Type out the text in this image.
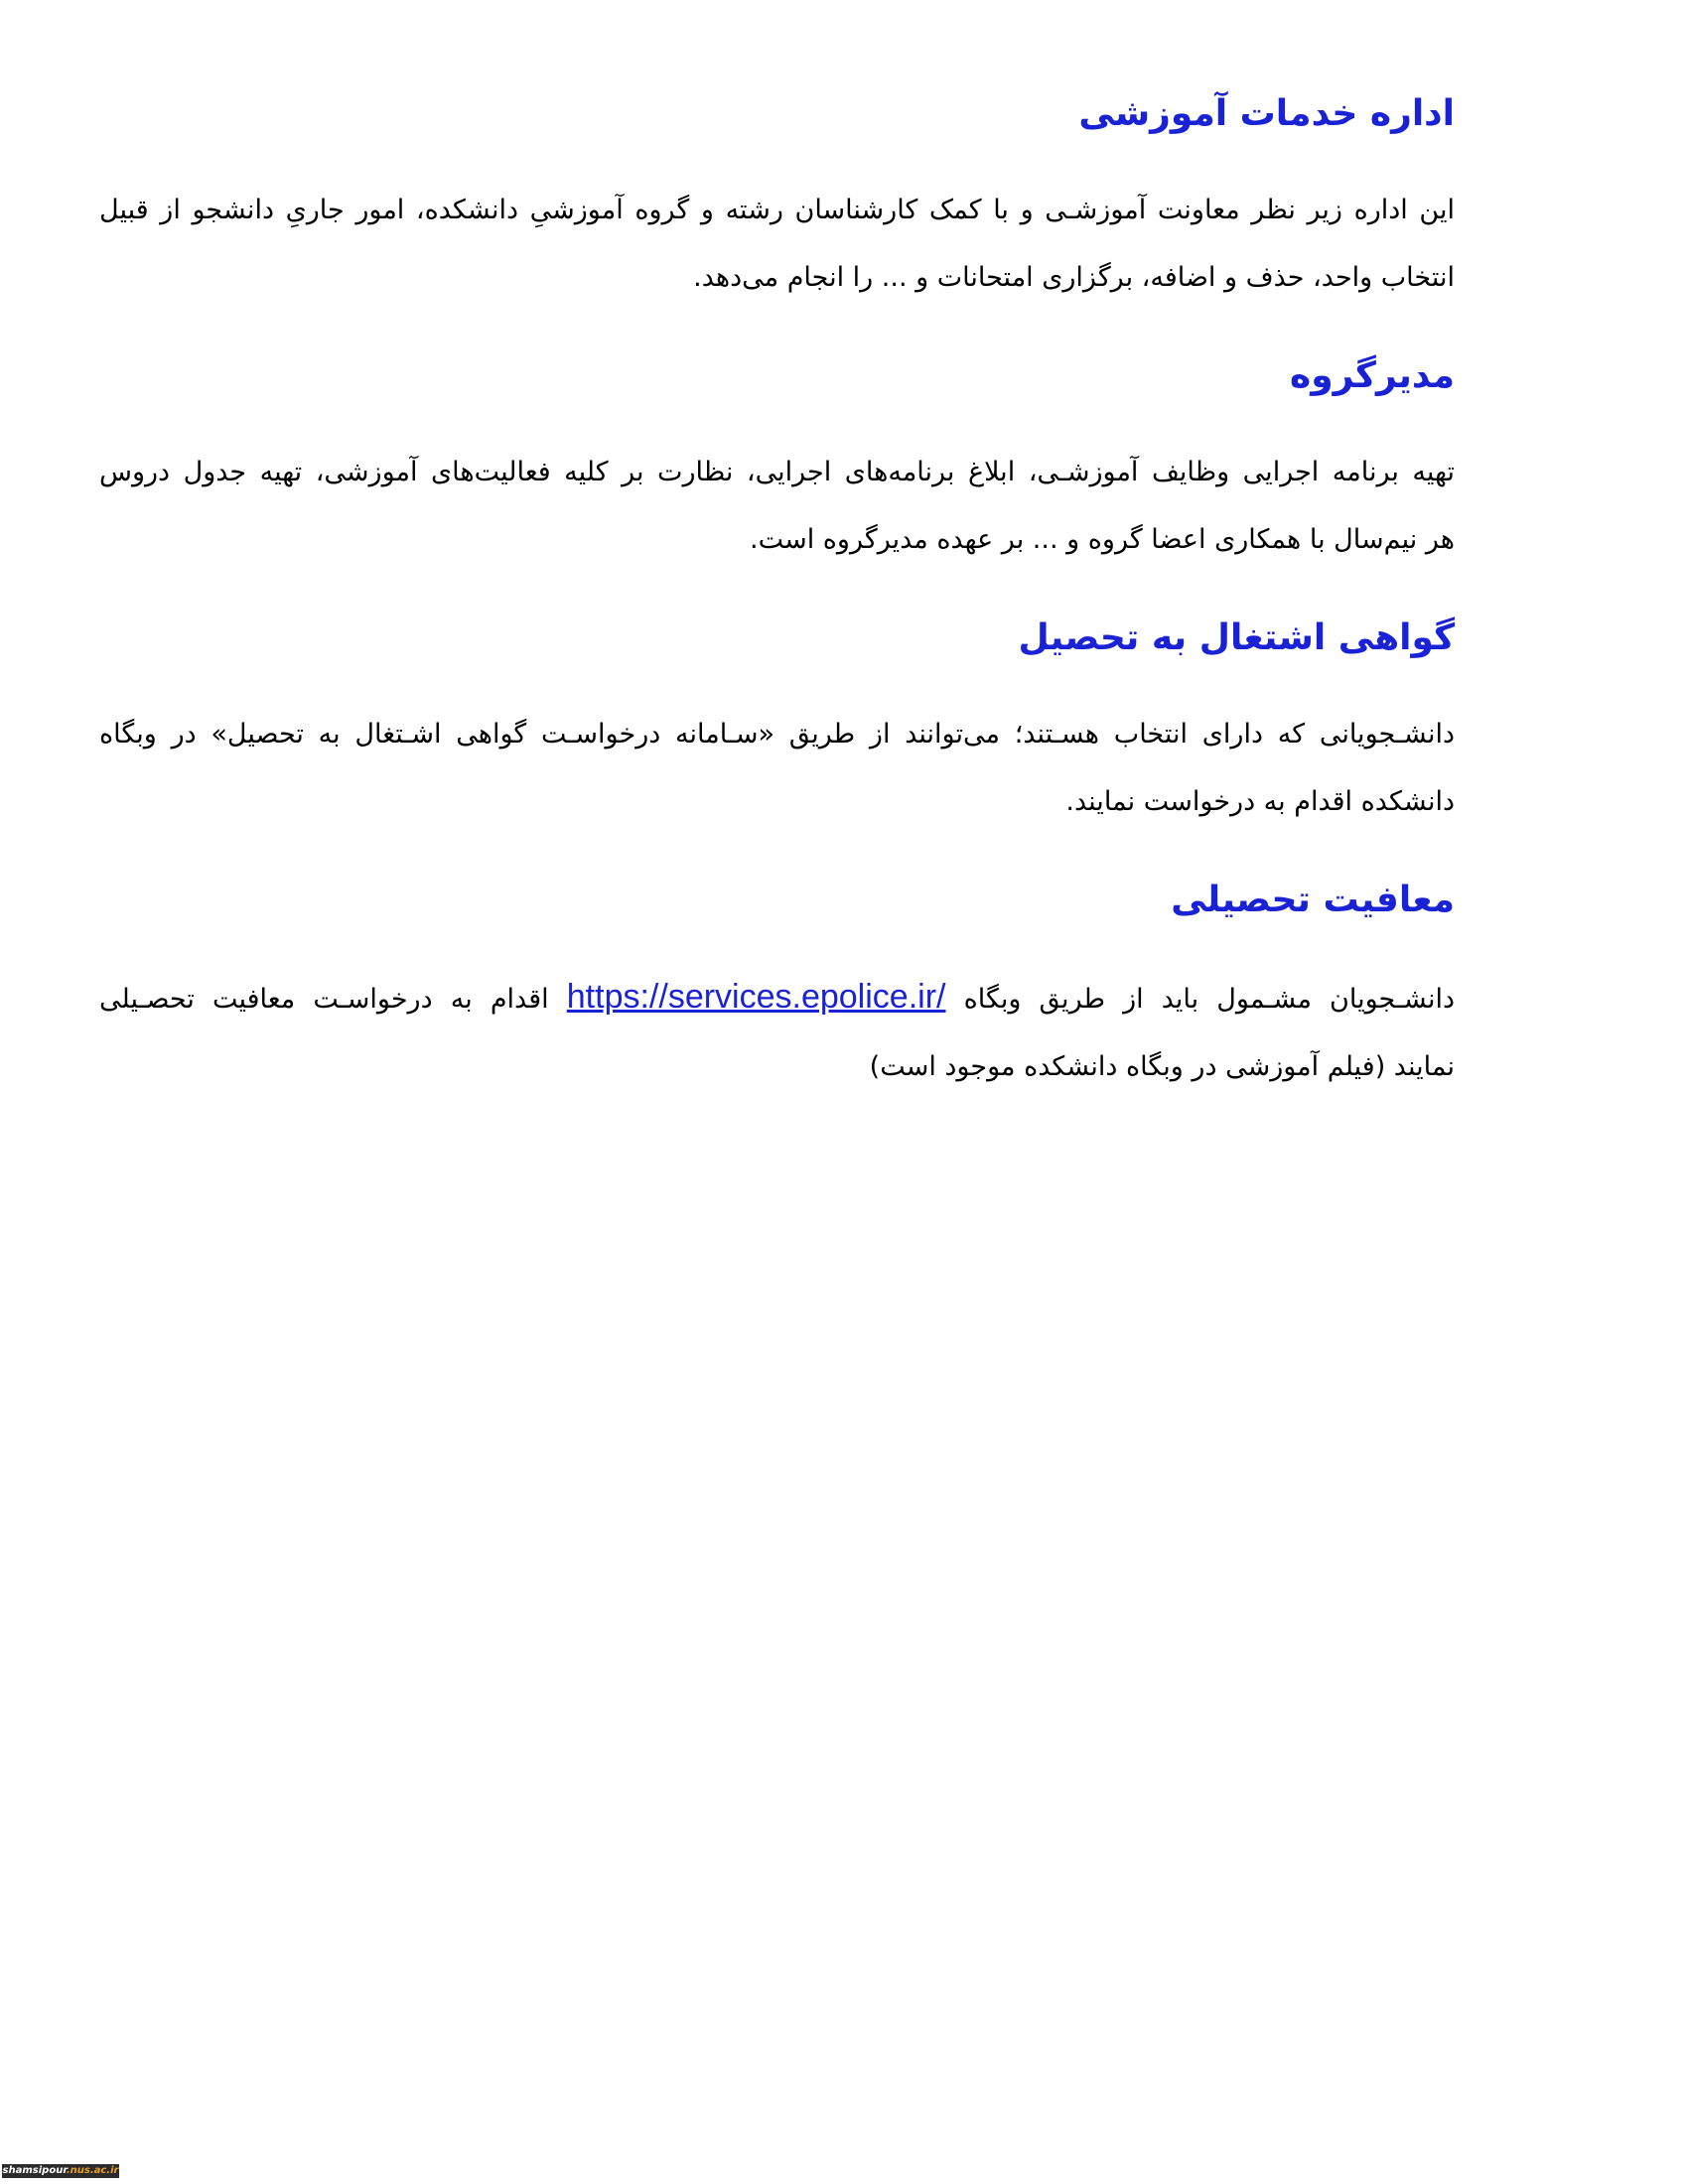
اداره خدمات آموزشی

این اداره زیر نظر معاونت آموزشـی و با کمک کارشناسان رشته و گروه آموزشیِ دانشکده، امور جاریِ دانشجو از قبیل
انتخاب واحد، حذف و اضافه، برگزاری امتحانات و ... را انجام می‌دهد.

مدیرگروه

تهیه برنامه اجرایی وظایف آموزشـی، ابلاغ برنامه‌های اجرایی، نظارت بر کلیه فعالیت‌های آموزشی، تهیه جدول دروس
هر نیم‌سال با همکاری اعضا گروه و ... بر عهده مدیرگروه است.

گواهی اشتغال به تحصیل

دانشـجویانی که دارای انتخاب هسـتند؛ می‌توانند از طریق «سـامانه درخواسـت گواهی اشـتغال به تحصیل» در وبگاه
دانشکده اقدام به درخواست نمایند.

معافیت تحصیلی

دانشـجویان مشـمول باید از طریق وبگاه https://services.epolice.ir/ اقدام به درخواسـت معافیت تحصـیلی
نمایند (فیلم آموزشی در وبگاه دانشکده موجود است)

shamsipour.nus.ac.ir
